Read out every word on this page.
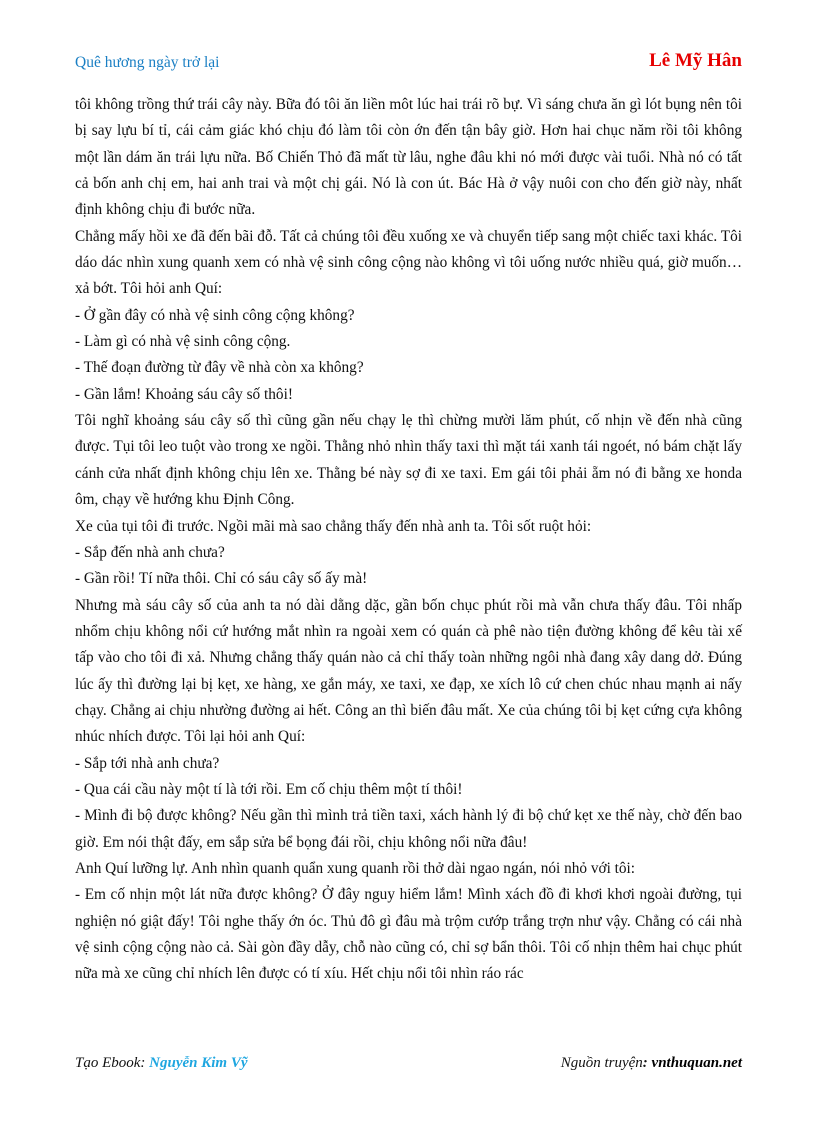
Quê hương ngày trở lại	Lê Mỹ Hân

tôi không trồng thứ trái cây này. Bữa đó tôi ăn liền môt lúc hai trái rõ bự. Vì sáng chưa ăn gì lót bụng nên tôi bị say lựu bí tỉ, cái cảm giác khó chịu đó làm tôi còn ớn đến tận bây giờ. Hơn hai chục năm rồi tôi không một lần dám ăn trái lựu nữa. Bố Chiến Thỏ đã mất từ lâu, nghe đâu khi nó mới được vài tuổi. Nhà nó có tất cả bốn anh chị em, hai anh trai và một chị gái. Nó là con út. Bác Hà ở vậy nuôi con cho đến giờ này, nhất định không chịu đi bước nữa.

Chẳng mấy hồi xe đã đến bãi đỗ. Tất cả chúng tôi đều xuống xe và chuyển tiếp sang một chiếc taxi khác. Tôi dáo dác nhìn xung quanh xem có nhà vệ sinh công cộng nào không vì tôi uống nước nhiều quá, giờ muốn… xả bớt. Tôi hỏi anh Quí:

- Ở gần đây có nhà vệ sinh công cộng không?

- Làm gì có nhà vệ sinh công cộng.

- Thế đoạn đường từ đây về nhà còn xa không?

- Gần lắm! Khoảng sáu cây số thôi!

Tôi nghĩ khoảng sáu cây số thì cũng gần nếu chạy lẹ thì chừng mười lăm phút, cố nhịn về đến nhà cũng được. Tụi tôi leo tuột vào trong xe ngồi. Thằng nhỏ nhìn thấy taxi thì mặt tái xanh tái ngoét, nó bám chặt lấy cánh cửa nhất định không chịu lên xe. Thằng bé này sợ đi xe taxi. Em gái tôi phải ẵm nó đi bằng xe honda ôm, chạy về hướng khu Định Công.

Xe của tụi tôi đi trước. Ngồi mãi mà sao chẳng thấy đến nhà anh ta. Tôi sốt ruột hỏi:

- Sắp đến nhà anh chưa?

- Gần rồi! Tí nữa thôi. Chỉ có sáu cây số ấy mà!

Nhưng mà sáu cây số của anh ta nó dài dằng dặc, gần bốn chục phút rồi mà vẫn chưa thấy đâu. Tôi nhấp nhổm chịu không nổi cứ hướng mắt nhìn ra ngoài xem có quán cà phê nào tiện đường không để kêu tài xế tấp vào cho tôi đi xả. Nhưng chẳng thấy quán nào cả chỉ thấy toàn những ngôi nhà đang xây dang dở. Đúng lúc ấy thì đường lại bị kẹt, xe hàng, xe gắn máy, xe taxi, xe đạp, xe xích lô cứ chen chúc nhau mạnh ai nấy chạy. Chẳng ai chịu nhường đường ai hết. Công an thì biến đâu mất. Xe của chúng tôi bị kẹt cứng cựa không nhúc nhích được. Tôi lại hỏi anh Quí:

- Sắp tới nhà anh chưa?

- Qua cái cầu này một tí là tới rồi. Em cố chịu thêm một tí thôi!

- Mình đi bộ được không? Nếu gần thì mình trả tiền taxi, xách hành lý đi bộ chứ kẹt xe thế này, chờ đến bao giờ. Em nói thật đấy, em sắp sửa bể bọng đái rồi, chịu không nổi nữa đâu!

Anh Quí lưỡng lự. Anh nhìn quanh quẩn xung quanh rồi thở dài ngao ngán, nói nhỏ với tôi:

- Em cố nhịn một lát nữa được không? Ở đây nguy hiểm lắm! Mình xách đồ đi khơi khơi ngoài đường, tụi nghiện nó giật đấy! Tôi nghe thấy ớn óc. Thủ đô gì đâu mà trộm cướp trắng trợn như vậy. Chẳng có cái nhà vệ sinh cộng cộng nào cả. Sài gòn đầy dẫy, chỗ nào cũng có, chỉ sợ bẩn thôi. Tôi cố nhịn thêm hai chục phút nữa mà xe cũng chỉ nhích lên được có tí xíu. Hết chịu nổi tôi nhìn ráo rác

Tạo Ebook: Nguyễn Kim Vỹ	Nguồn truyện: vnthuquan.net
